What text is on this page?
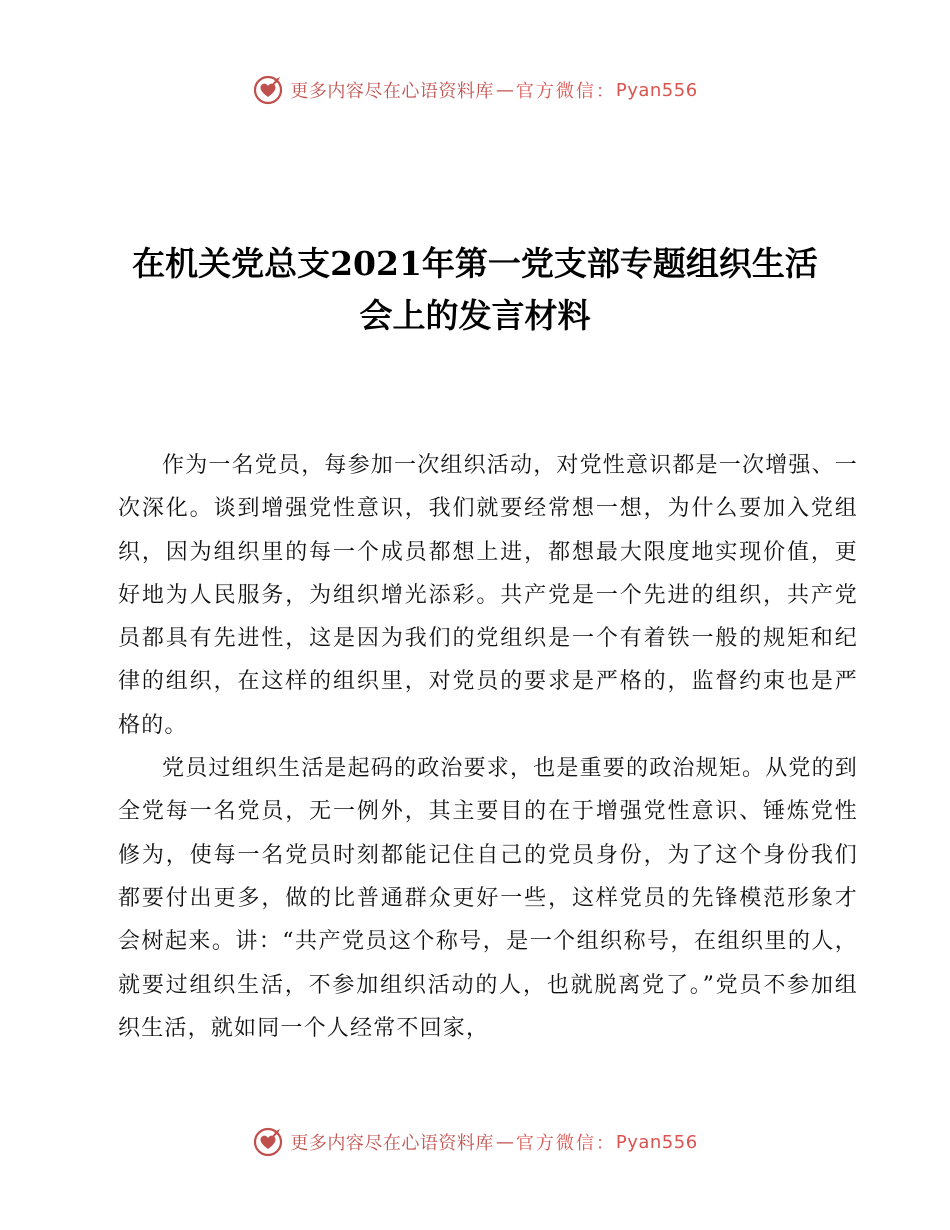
更多内容尽在心语资料库 — 官方微信： Pyan556
在机关党总支2021年第一党支部专题组织生活
会上的发言材料

作为一名党员，每参加一次组织活动，对党性意识都是一次增强、一次深化。谈到增强党性意识，我们就要经常想一想，为什么要加入党组织，因为组织里的每一个成员都想上进，都想最大限度地实现价值，更好地为人民服务，为组织增光添彩。共产党是一个先进的组织，共产党员都具有先进性，这是因为我们的党组织是一个有着铁一般的规矩和纪律的组织，在这样的组织里，对党员的要求是严格的，监督约束也是严格的。

党员过组织生活是起码的政治要求，也是重要的政治规矩。从党的到全党每一名党员，无一例外，其主要目的在于增强党性意识、锤炼党性修为，使每一名党员时刻都能记住自己的党员身份，为了这个身份我们都要付出更多，做的比普通群众更好一些，这样党员的先锋模范形象才会树起来。讲：“共产党员这个称号，是一个组织称号，在组织里的人，就要过组织生活，不参加组织活动的人，也就脱离党了。”党员不参加组织生活，就如同一个人经常不回家，

更多内容尽在心语资料库 — 官方微信： Pyan556
